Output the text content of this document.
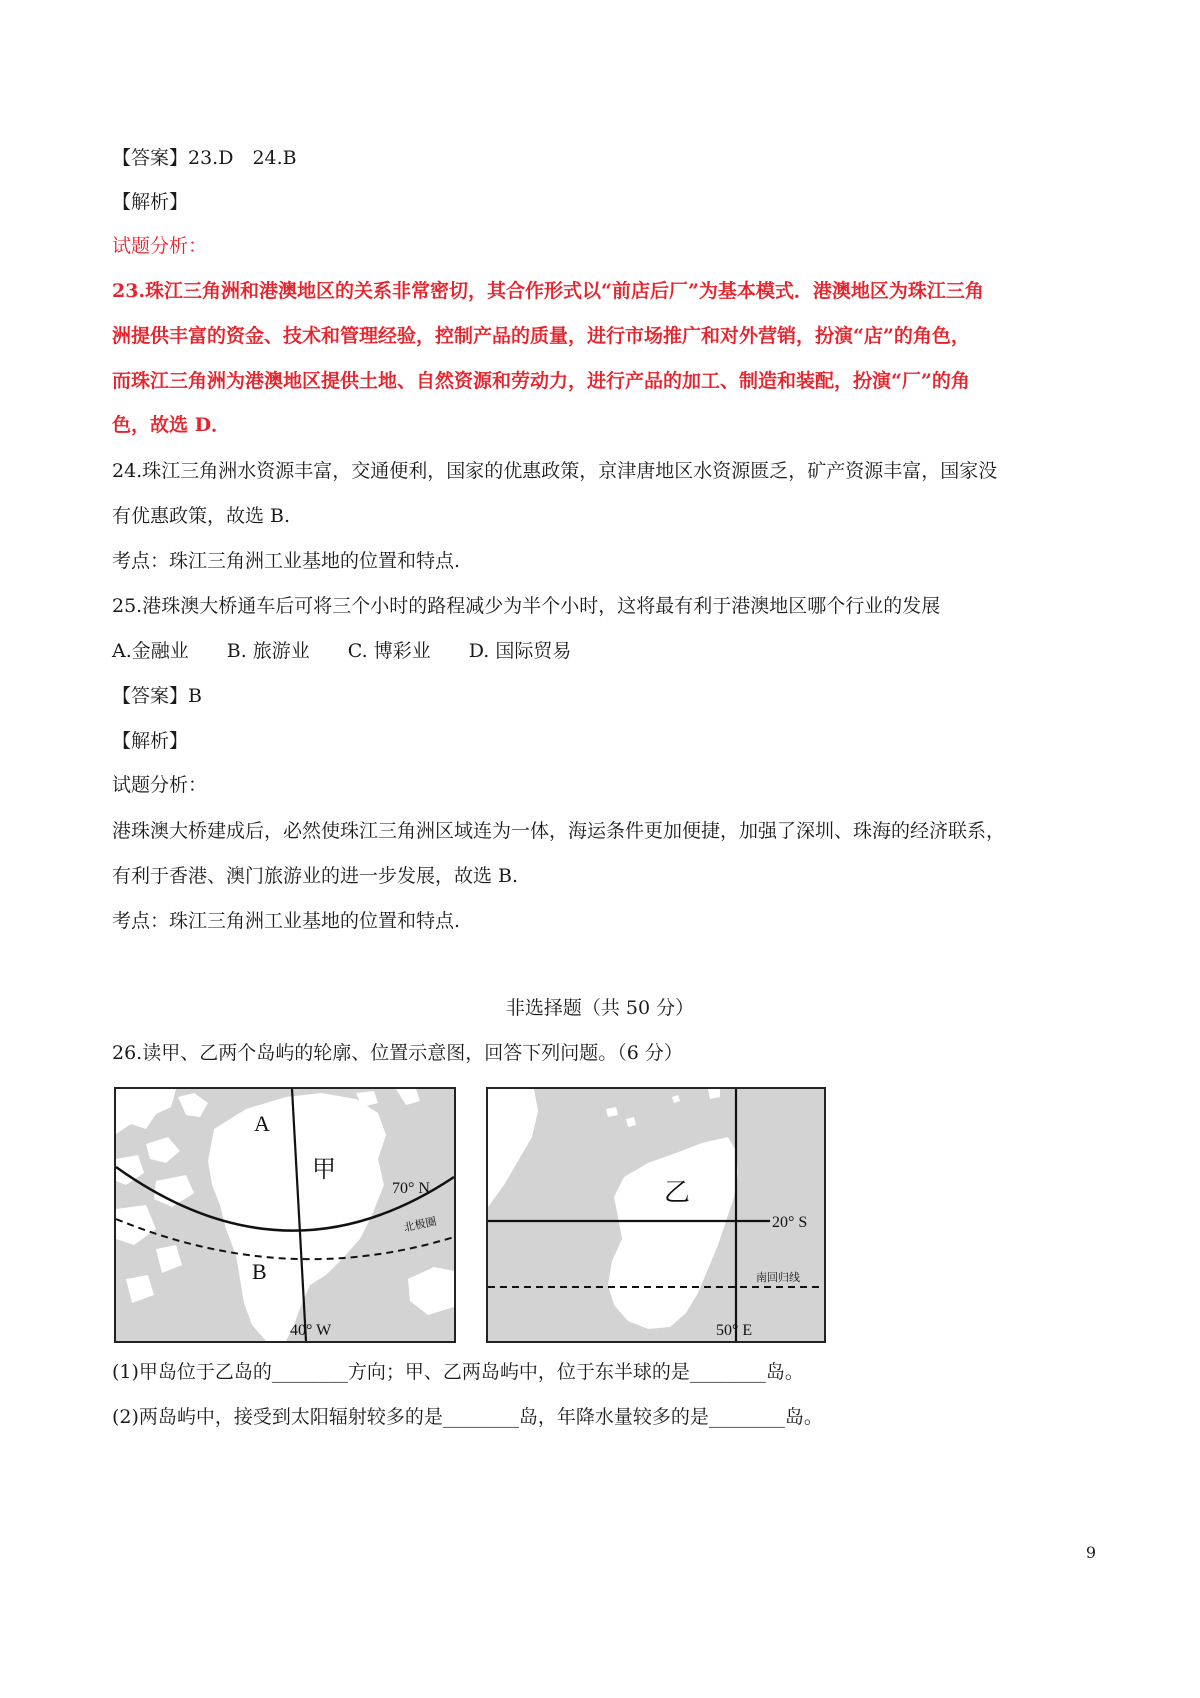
【答案】23.D　24.B
【解析】
试题分析：
23.珠江三角洲和港澳地区的关系非常密切，其合作形式以“前店后厂”为基本模式．港澳地区为珠江三角
洲提供丰富的资金、技术和管理经验，控制产品的质量，进行市场推广和对外营销，扮演“店”的角色，
而珠江三角洲为港澳地区提供土地、自然资源和劳动力，进行产品的加工、制造和装配，扮演“厂”的角
色，故选 D．
24.珠江三角洲水资源丰富，交通便利，国家的优惠政策，京津唐地区水资源匮乏，矿产资源丰富，国家没
有优惠政策，故选 B.
考点：珠江三角洲工业基地的位置和特点.
25.港珠澳大桥通车后可将三个小时的路程减少为半个小时，这将最有利于港澳地区哪个行业的发展
A.金融业　　B. 旅游业　　C. 博彩业　　D. 国际贸易
【答案】B
【解析】
试题分析：
港珠澳大桥建成后，必然使珠江三角洲区域连为一体，海运条件更加便捷，加强了深圳、珠海的经济联系，
有利于香港、澳门旅游业的进一步发展，故选 B.
考点：珠江三角洲工业基地的位置和特点.
非选择题（共 50 分）
26.读甲、乙两个岛屿的轮廓、位置示意图，回答下列问题。（6 分）
A
甲
70° N
北极圈
B
40° W
乙
20° S
南回归线
50° E
(1)甲岛位于乙岛的________方向；甲、乙两岛屿中，位于东半球的是________岛。
(2)两岛屿中，接受到太阳辐射较多的是________岛，年降水量较多的是________岛。
9
